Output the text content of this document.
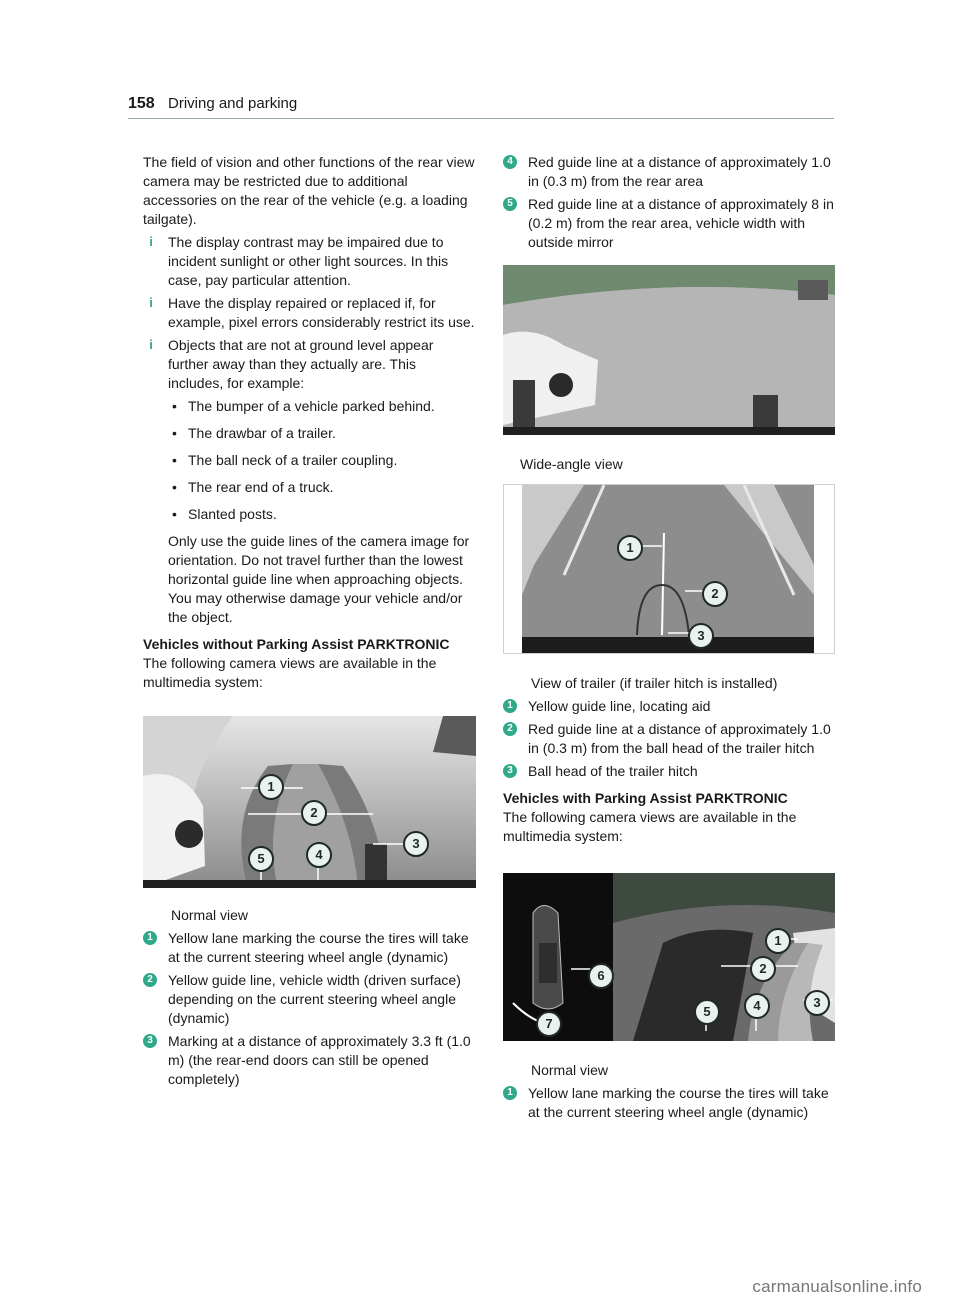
158 Driving and parking

The field of vision and other functions of the rear view camera may be restricted due to additional accessories on the rear of the vehicle (e.g. a loading tailgate).

i	The display contrast may be impaired due to incident sunlight or other light sources. In this case, pay particular attention.
i	Have the display repaired or replaced if, for example, pixel errors considerably restrict its use.
i	Objects that are not at ground level appear further away than they actually are. This includes, for example:
• The bumper of a vehicle parked behind.
• The drawbar of a trailer.
• The ball neck of a trailer coupling.
• The rear end of a truck.
• Slanted posts.

Only use the guide lines of the camera image for orientation. Do not travel further than the lowest horizontal guide line when approaching objects. You may otherwise damage your vehicle and/or the object.

Vehicles without Parking Assist PARKTRONIC

The following camera views are available in the multimedia system:

1
2
3
4
5

Normal view

1	Yellow lane marking the course the tires will take at the current steering wheel angle (dynamic)
2	Yellow guide line, vehicle width (driven surface) depending on the current steering wheel angle (dynamic)
3	Marking at a distance of approximately 3.3 ft (1.0 m) (the rear-end doors can still be opened completely)
4	Red guide line at a distance of approximately 1.0 in (0.3 m) from the rear area
5	Red guide line at a distance of approximately 8 in (0.2 m) from the rear area, vehicle width with outside mirror

Wide-angle view

1
2
3

View of trailer (if trailer hitch is installed)

1	Yellow guide line, locating aid
2	Red guide line at a distance of approximately 1.0 in (0.3 m) from the ball head of the trailer hitch
3	Ball head of the trailer hitch
Vehicles with Parking Assist PARKTRONIC

The following camera views are available in the multimedia system:

1
2
3
4
5
6
7

Normal view

1	Yellow lane marking the course the tires will take at the current steering wheel angle (dynamic)
carmanualsonline.info
